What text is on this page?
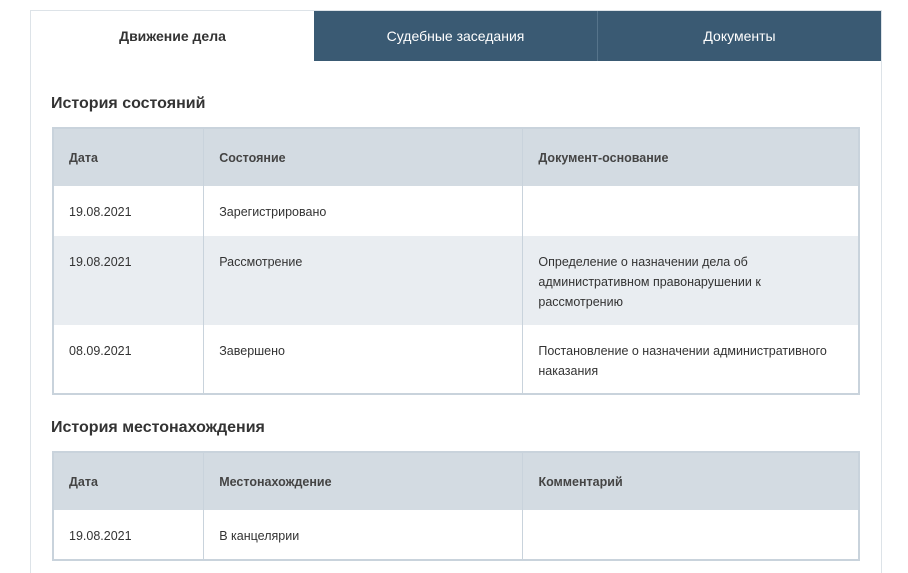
Движение дела	Судебные заседания	Документы
История состояний
Дата	Состояние	Документ-основание
19.08.2021	Зарегистрировано	
19.08.2021	Рассмотрение	Определение о назначении дела об административном правонарушении к рассмотрению
08.09.2021	Завершено	Постановление о назначении административного наказания
История местонахождения
Дата	Местонахождение	Комментарий
19.08.2021	В канцелярии	
